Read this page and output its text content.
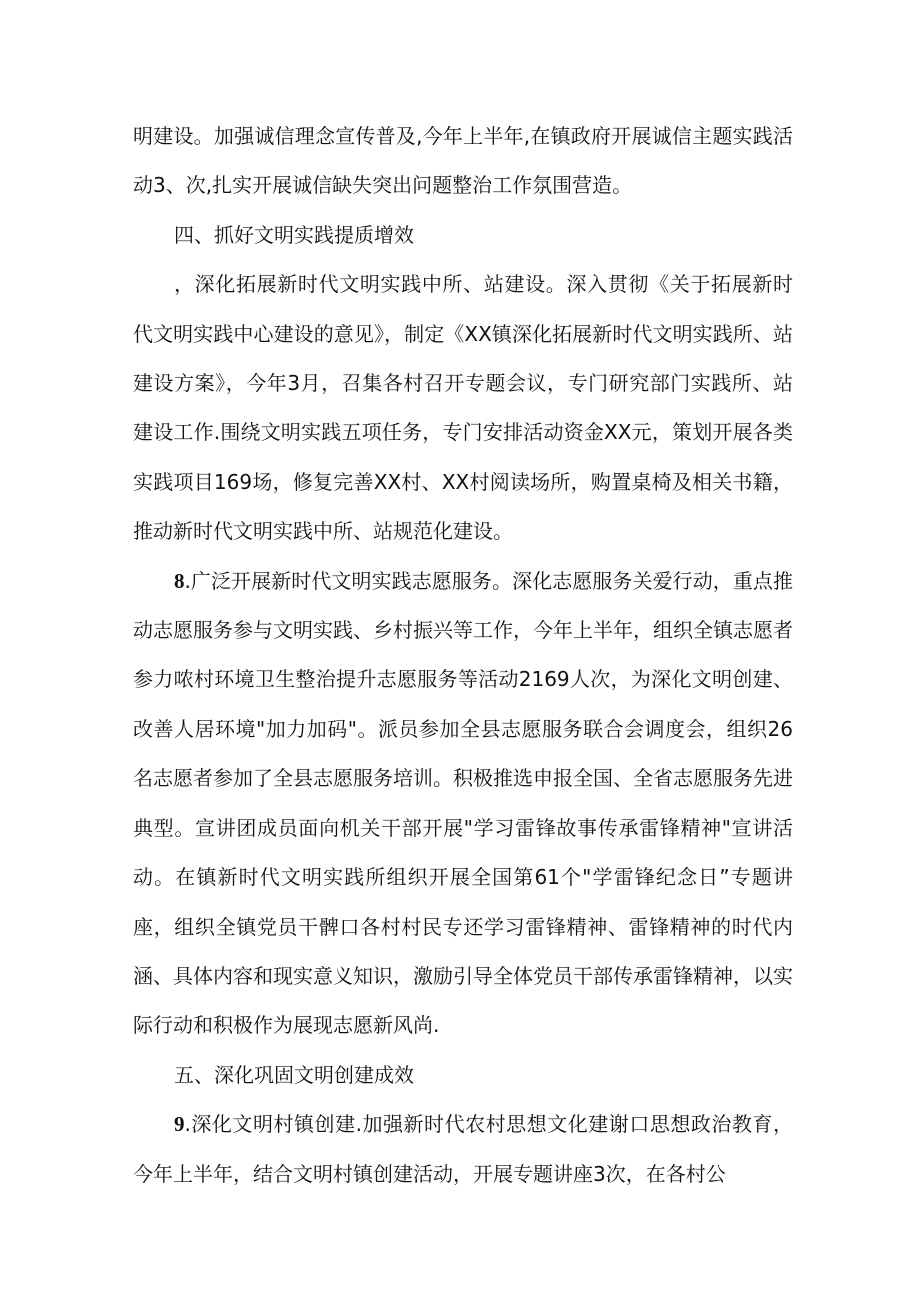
明建设。加强诚信理念宣传普及,今年上半年,在镇政府开展诚信主题实践活动3、次,扎实开展诚信缺失突出问题整治工作氛围营造。

四、抓好文明实践提质增效

，深化拓展新时代文明实践中所、站建设。深入贯彻《关于拓展新时代文明实践中心建设的意见》，制定《XX镇深化拓展新时代文明实践所、站建设方案》，今年3月，召集各村召开专题会议，专门研究部门实践所、站建设工作.围绕文明实践五项任务，专门安排活动资金XX元，策划开展各类实践项目169场，修复完善XX村、XX村阅读场所，购置桌椅及相关书籍，推动新时代文明实践中所、站规范化建设。

8.广泛开展新时代文明实践志愿服务。深化志愿服务关爱行动，重点推动志愿服务参与文明实践、乡村振兴等工作，今年上半年，组织全镇志愿者参力哝村环境卫生整治提升志愿服务等活动2169人次，为深化文明创建、改善人居环境"加力加码"。派员参加全县志愿服务联合会调度会，组织26名志愿者参加了全县志愿服务培训。积极推选申报全国、全省志愿服务先进典型。宣讲团成员面向机关干部开展"学习雷锋故事传承雷锋精神"宣讲活动。在镇新时代文明实践所组织开展全国第61个"学雷锋纪念日”专题讲座，组织全镇党员干髀口各村村民专还学习雷锋精神、雷锋精神的时代内涵、具体内容和现实意义知识，激励引导全体党员干部传承雷锋精神，以实际行动和积极作为展现志愿新风尚.

五、深化巩固文明创建成效

9.深化文明村镇创建.加强新时代农村思想文化建谢口思想政治教育，今年上半年，结合文明村镇创建活动，开展专题讲座3次，在各村公
